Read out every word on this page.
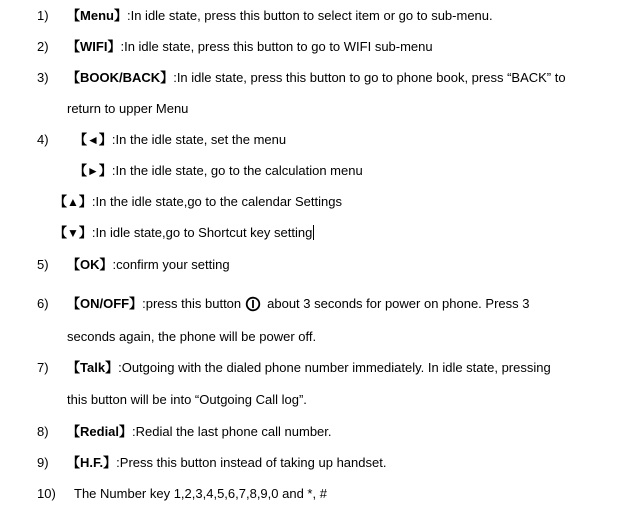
1) 【Menu】:In idle state, press this button to select item or go to sub-menu.
2) 【WIFI】:In idle state, press this button to go to WIFI sub-menu
3) 【BOOK/BACK】:In idle state, press this button to go to phone book, press “BACK” to
return to upper Menu
4) 【◄】:In the idle state, set the menu
【►】:In the idle state, go to the calculation menu
【▲】:In the idle state,go to the calendar Settings
【▼】:In idle state,go to Shortcut key setting
5) 【OK】:confirm your setting
6) 【ON/OFF】:press this button about 3 seconds for power on phone. Press 3
seconds again, the phone will be power off.
7) 【Talk】:Outgoing with the dialed phone number immediately. In idle state, pressing
this button will be into “Outgoing Call log”.
8) 【Redial】:Redial the last phone call number.
9) 【H.F.】:Press this button instead of taking up handset.
10) The Number key 1,2,3,4,5,6,7,8,9,0 and *, #
